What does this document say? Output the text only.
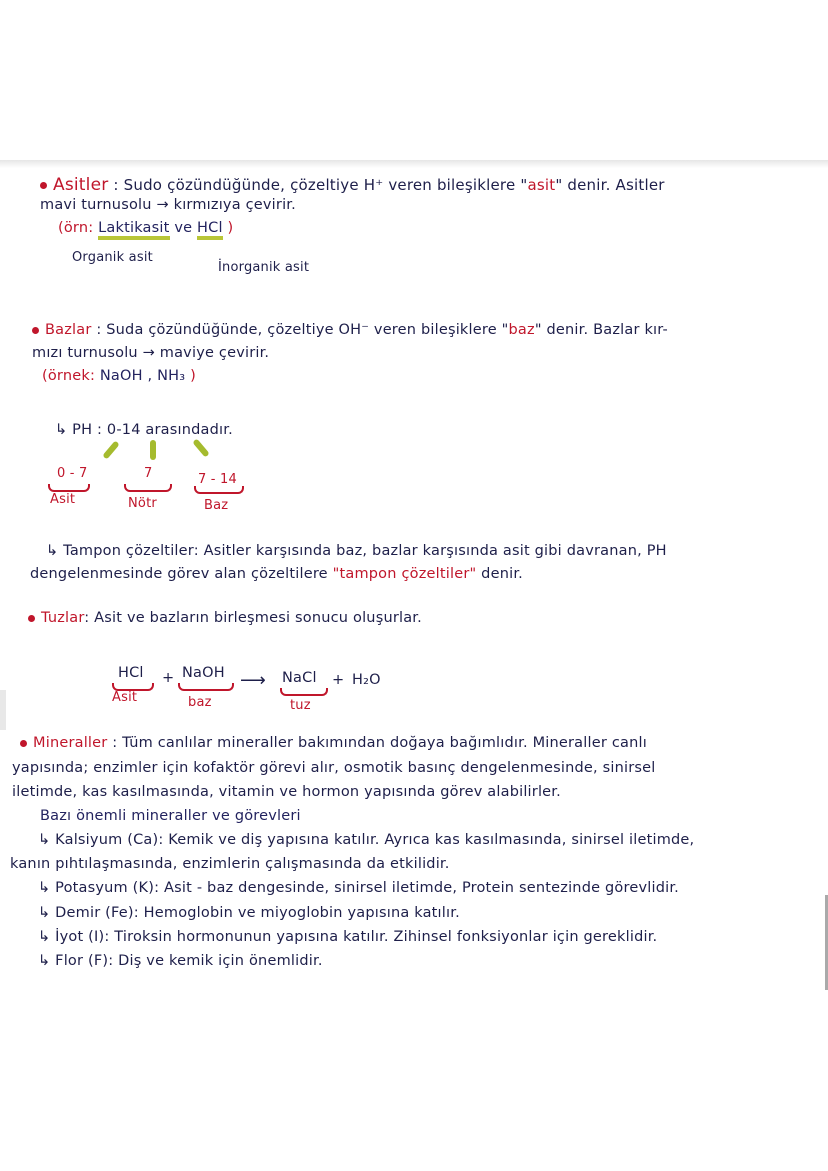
Asitler : Sudo çözündüğünde, çözeltiye H⁺ veren bileşiklere "asit" denir. Asitler
mavi turnusolu → kırmızıya çevirir.
(örn: Laktikasit ve HCl )
Organik asit
İnorganik asit
Bazlar : Suda çözündüğünde, çözeltiye OH⁻ veren bileşiklere "baz" denir. Bazlar kır-
mızı turnusolu → maviye çevirir.
(örnek: NaOH , NH₃ )
↳ PH : 0-14 arasındadır.
0 - 7
Asit
7
Nötr
7 - 14
Baz
↳ Tampon çözeltiler: Asitler karşısında baz, bazlar karşısında asit gibi davranan, PH
dengelenmesinde görev alan çözeltilere "tampon çözeltiler" denir.
Tuzlar: Asit ve bazların birleşmesi sonucu oluşurlar.
HCl
Asit
+ NaOH
baz
⟶ NaCl
tuz
+ H₂O
Mineraller : Tüm canlılar mineraller bakımından doğaya bağımlıdır. Mineraller canlı
yapısında; enzimler için kofaktör görevi alır, osmotik basınç dengelenmesinde, sinirsel
iletimde, kas kasılmasında, vitamin ve hormon yapısında görev alabilirler.
Bazı önemli mineraller ve görevleri
↳ Kalsiyum (Ca): Kemik ve diş yapısına katılır. Ayrıca kas kasılmasında, sinirsel iletimde,
kanın pıhtılaşmasında, enzimlerin çalışmasında da etkilidir.
↳ Potasyum (K): Asit - baz dengesinde, sinirsel iletimde, Protein sentezinde görevlidir.
↳ Demir (Fe): Hemoglobin ve miyoglobin yapısına katılır.
↳ İyot (I): Tiroksin hormonunun yapısına katılır. Zihinsel fonksiyonlar için gereklidir.
↳ Flor (F): Diş ve kemik için önemlidir.
